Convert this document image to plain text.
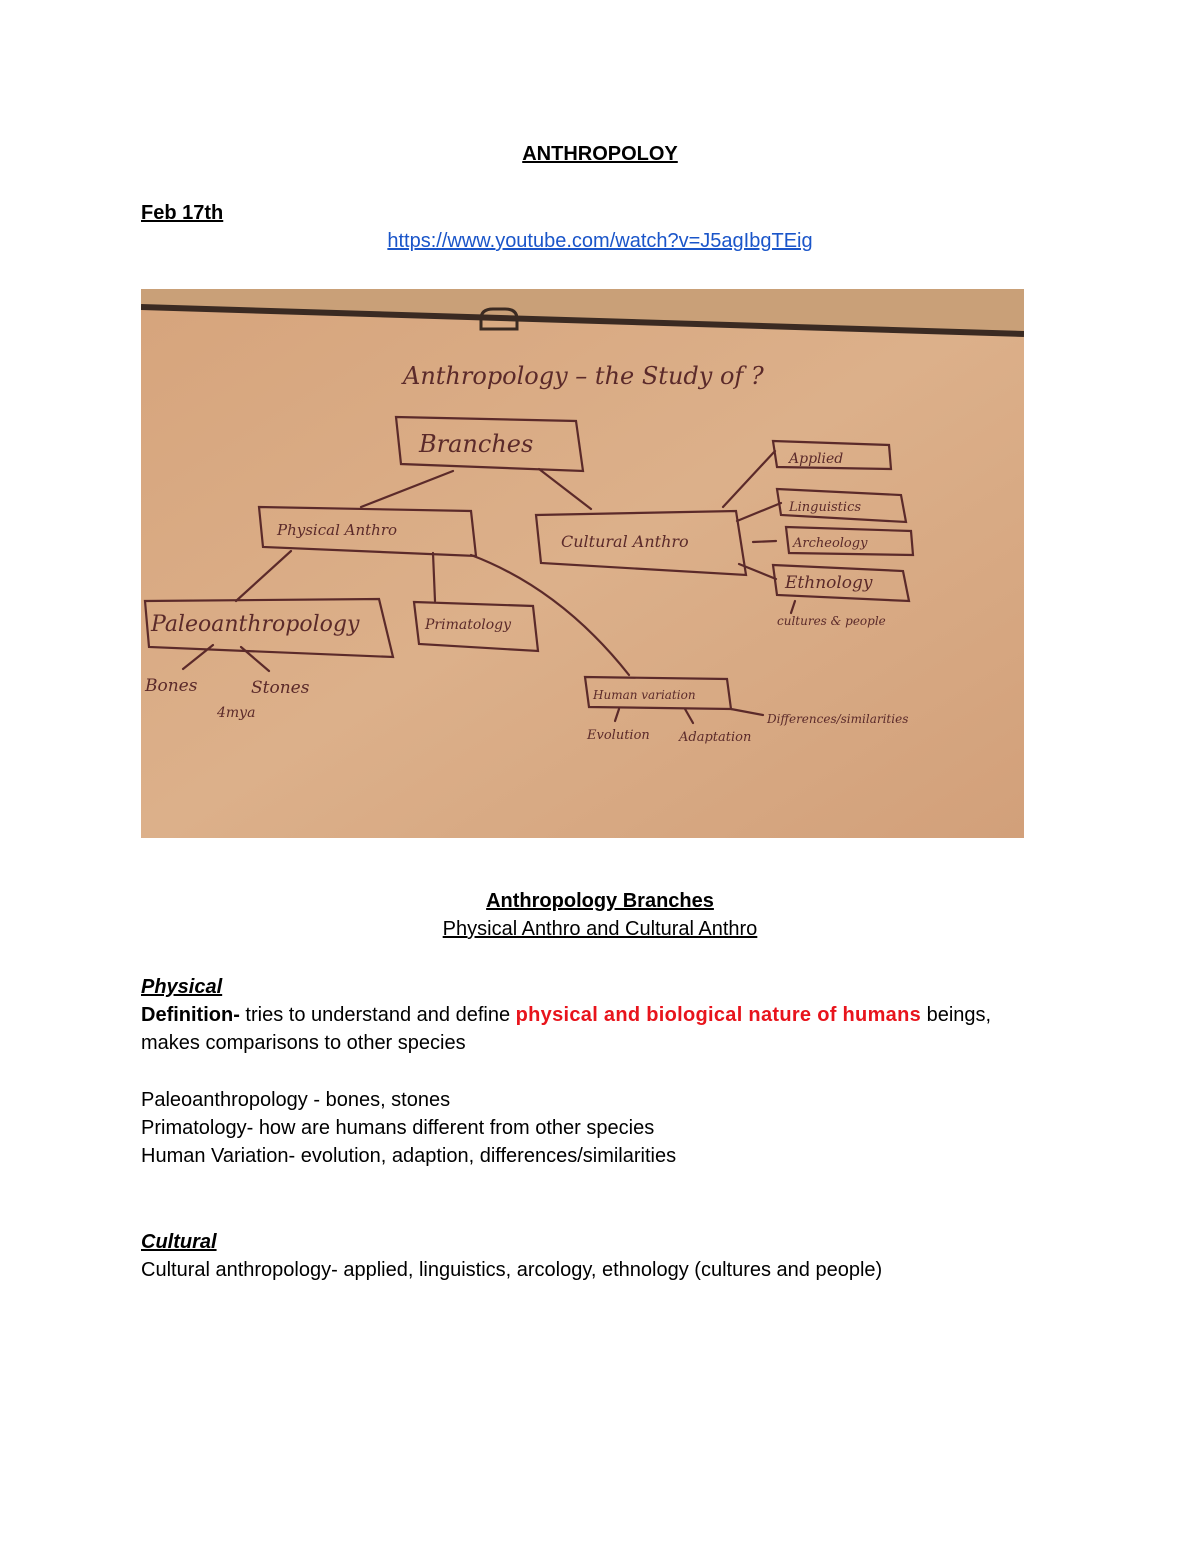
ANTHROPOLOY
Feb 17th
https://www.youtube.com/watch?v=J5agIbgTEig
Anthropology – the Study of ?
Branches
Physical Anthro
Cultural Anthro
Applied
Linguistics
Archeology
Ethnology
cultures & people
Paleoanthropology	Primatology
Human variation
Bones	Stones
4mya
Evolution Adaptation
Differences/similarities
Anthropology Branches
Physical Anthro and Cultural Anthro
Physical
Definition- tries to understand and define physical and biological nature of humans beings,
makes comparisons to other species
Paleoanthropology - bones, stones
Primatology- how are humans different from other species
Human Variation- evolution, adaption, differences/similarities
Cultural
Cultural anthropology- applied, linguistics, arcology, ethnology (cultures and people)
